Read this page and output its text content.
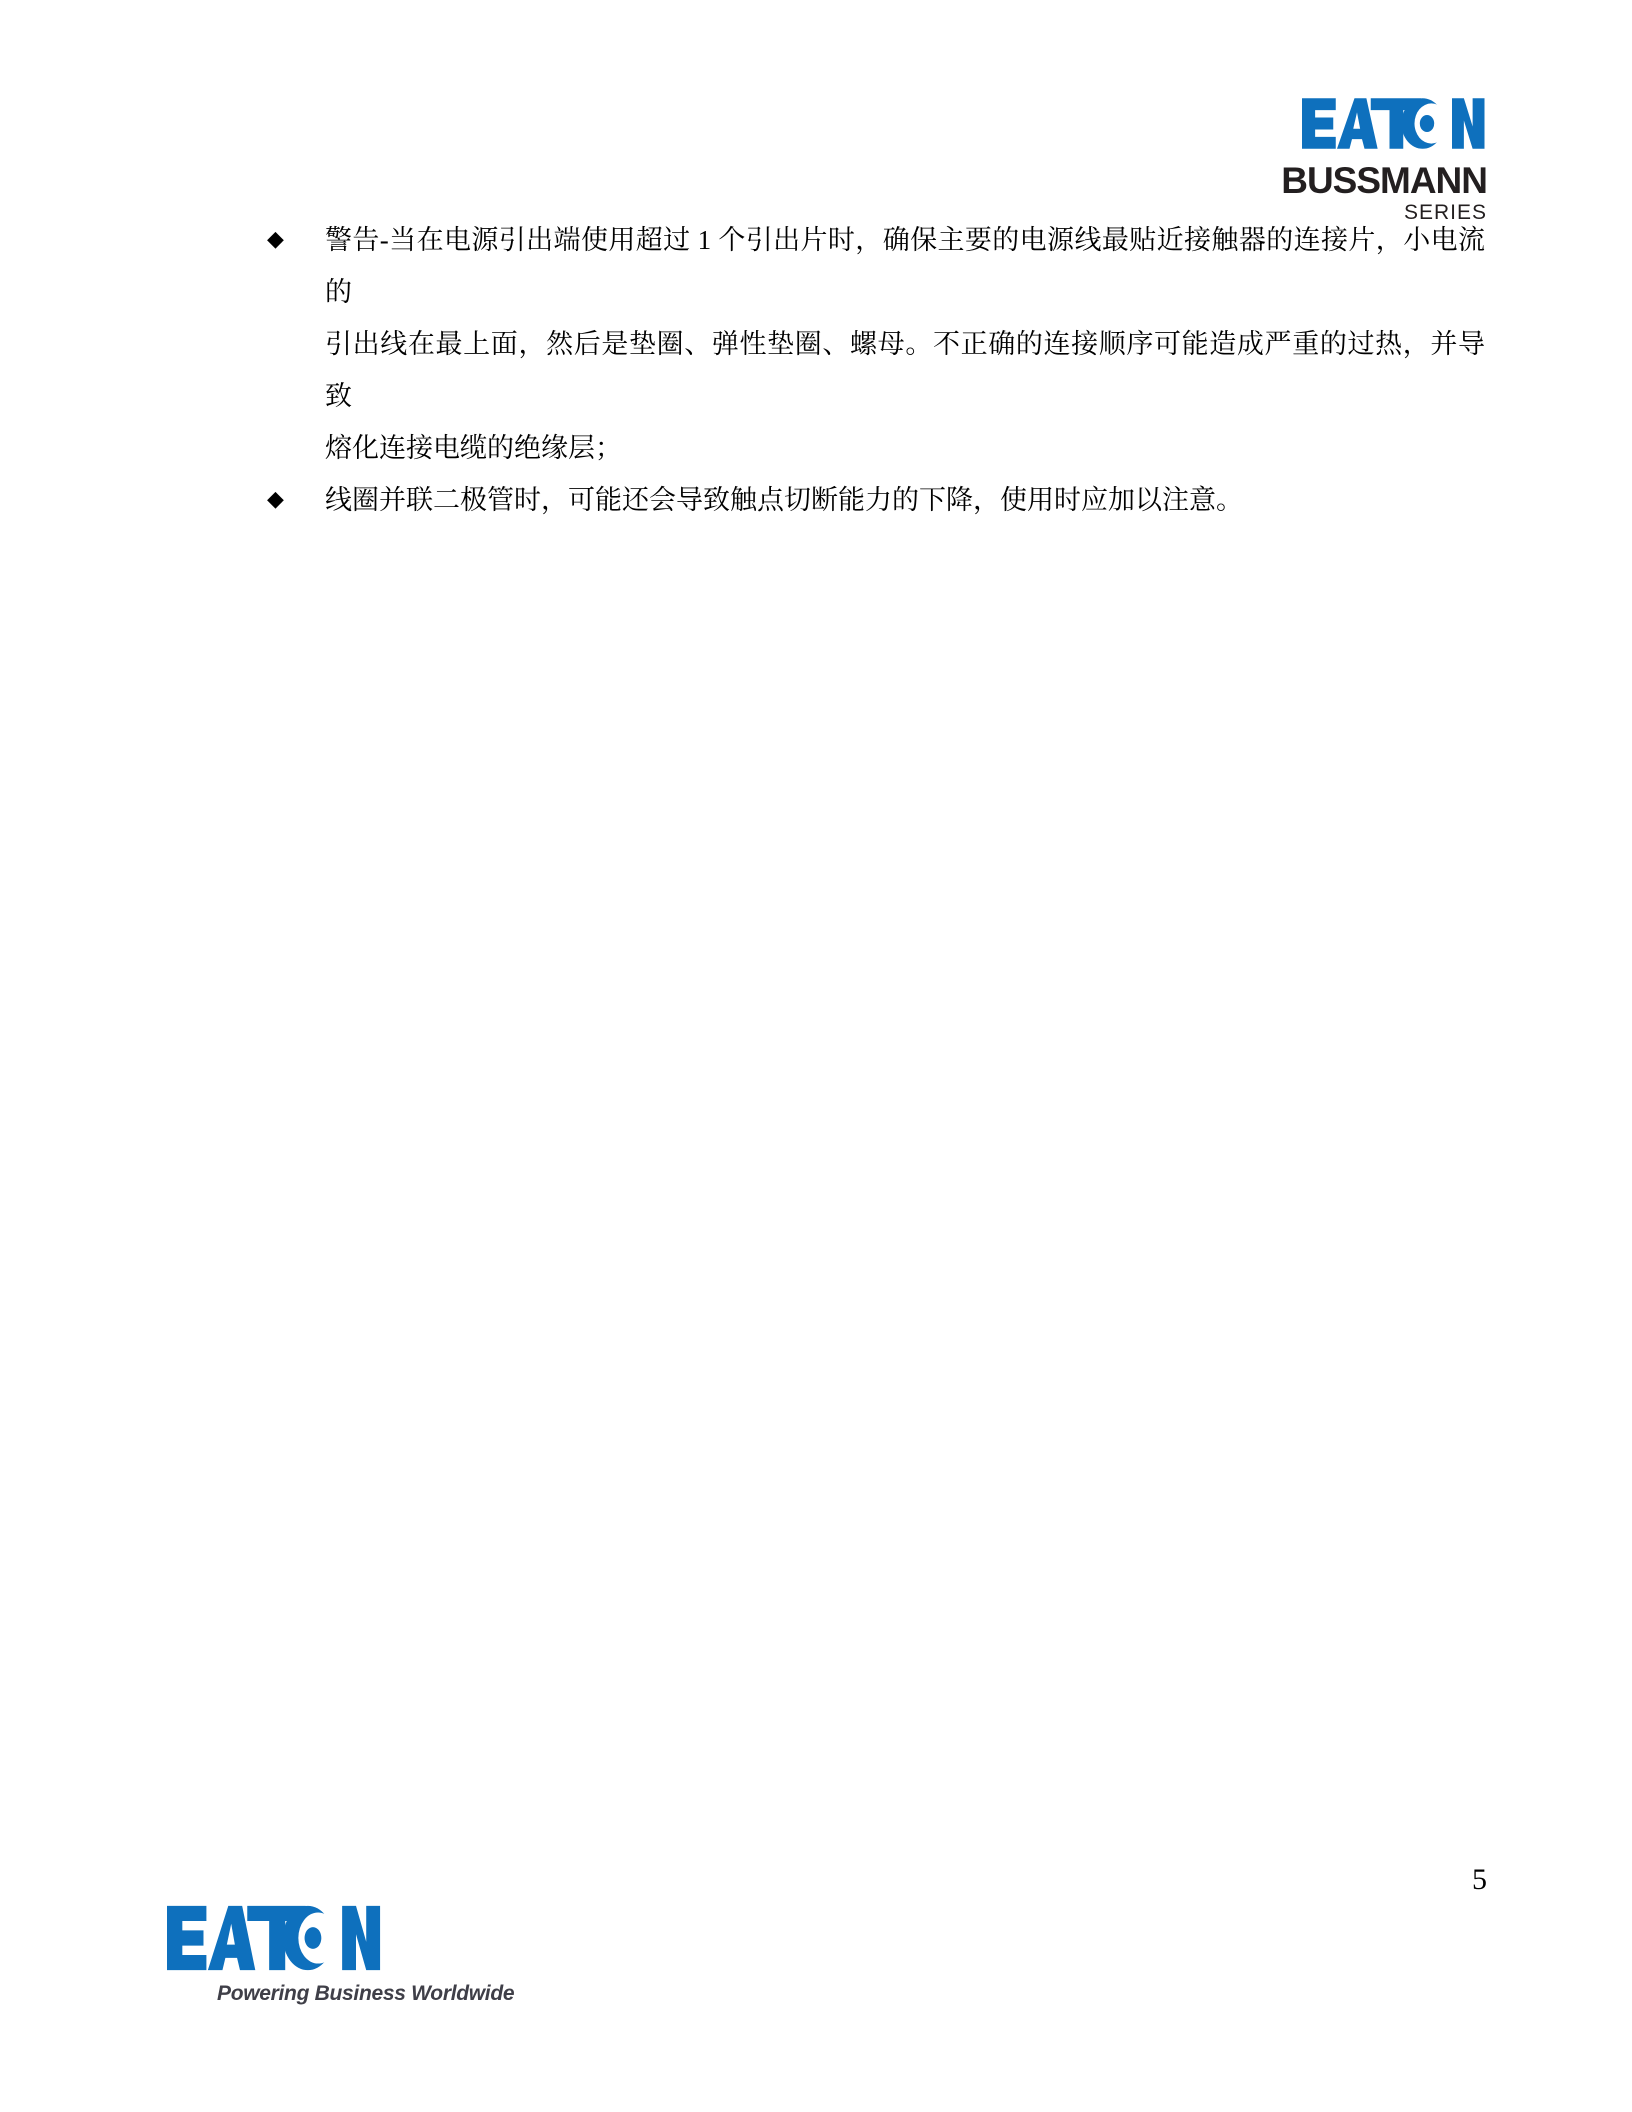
BUSSMANN
SERIES
◆	警告-当在电源引出端使用超过 1 个引出片时，确保主要的电源线最贴近接触器的连接片，小电流的
引出线在最上面，然后是垫圈、弹性垫圈、螺母。不正确的连接顺序可能造成严重的过热，并导致
熔化连接电缆的绝缘层；
◆	线圈并联二极管时，可能还会导致触点切断能力的下降，使用时应加以注意。
5
Powering Business Worldwide
